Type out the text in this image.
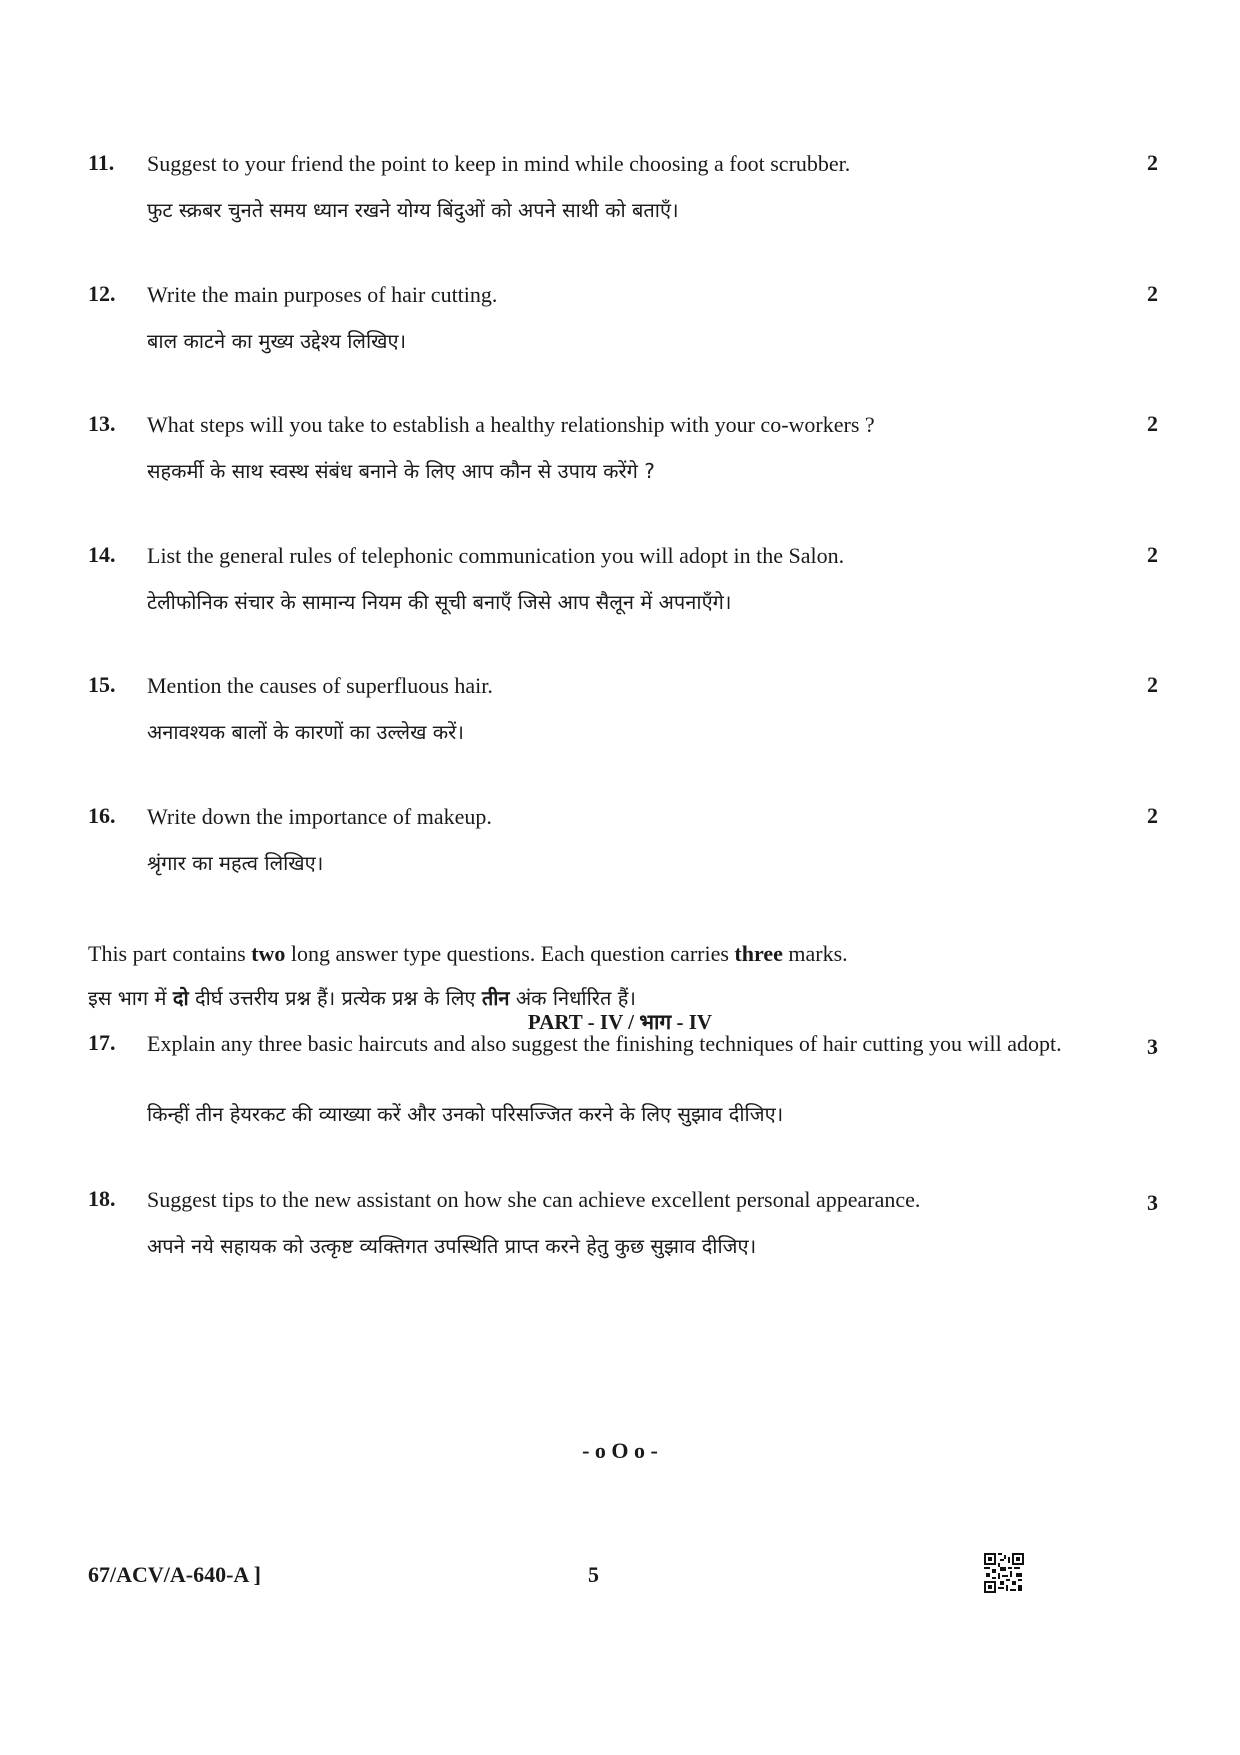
11. Suggest to your friend the point to keep in mind while choosing a foot scrubber.	2
फुट स्क्रबर चुनते समय ध्यान रखने योग्य बिंदुओं को अपने साथी को बताएँ।
12. Write the main purposes of hair cutting.	2
बाल काटने का मुख्य उद्देश्य लिखिए।
13. What steps will you take to establish a healthy relationship with your co-workers ?	2
सहकर्मी के साथ स्वस्थ संबंध बनाने के लिए आप कौन से उपाय करेंगे ?
14. List the general rules of telephonic communication you will adopt in the Salon.	2
टेलीफोनिक संचार के सामान्य नियम की सूची बनाएँ जिसे आप सैलून में अपनाएँगे।
15. Mention the causes of superfluous hair.	2
अनावश्यक बालों के कारणों का उल्लेख करें।
16. Write down the importance of makeup.	2
श्रृंगार का महत्व लिखिए।
PART - IV / भाग - IV
This part contains two long answer type questions. Each question carries three marks.
इस भाग में दो दीर्घ उत्तरीय प्रश्न हैं। प्रत्येक प्रश्न के लिए तीन अंक निर्धारित हैं।
17. Explain any three basic haircuts and also suggest the finishing techniques of hair cutting you will adopt.	3
किन्हीं तीन हेयरकट की व्याख्या करें और उनको परिसज्जित करने के लिए सुझाव दीजिए।
18. Suggest tips to the new assistant on how she can achieve excellent personal appearance.	3
अपने नये सहायक को उत्कृष्ट व्यक्तिगत उपस्थिति प्राप्त करने हेतु कुछ सुझाव दीजिए।
- o O o -
67/ACV/A-640-A ]	5
